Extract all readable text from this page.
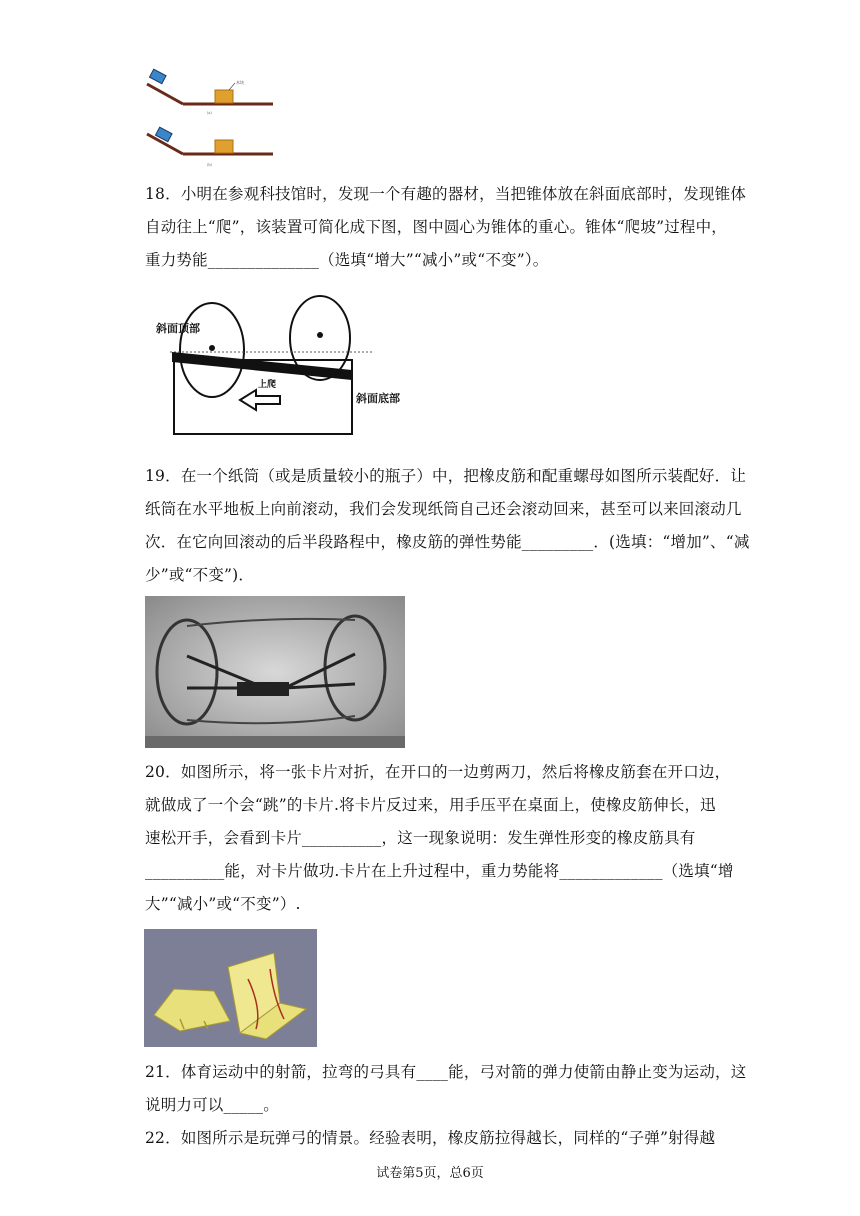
木块
(a)
(b)

18．小明在参观科技馆时，发现一个有趣的器材，当把锥体放在斜面底部时，发现锥体

自动往上“爬”，该装置可简化成下图，图中圆心为锥体的重心。锥体“爬坡”过程中，

重力势能______________（选填“增大”“减小”或“不变”）。

上爬
斜面顶部
斜面底部

19．在一个纸筒（或是质量较小的瓶子）中，把橡皮筋和配重螺母如图所示装配好．让

纸筒在水平地板上向前滚动，我们会发现纸筒自己还会滚动回来，甚至可以来回滚动几

次．在它向回滚动的后半段路程中，橡皮筋的弹性势能_________．(选填：“增加”、“减

少”或“不变”)．

20．如图所示，将一张卡片对折，在开口的一边剪两刀，然后将橡皮筋套在开口边，

就做成了一个会“跳”的卡片.将卡片反过来，用手压平在桌面上，使橡皮筋伸长，迅

速松开手，会看到卡片__________，这一现象说明：发生弹性形变的橡皮筋具有

__________能，对卡片做功.卡片在上升过程中，重力势能将_____________（选填“增

大”“减小”或“不变”）.

21．体育运动中的射箭，拉弯的弓具有____能，弓对箭的弹力使箭由静止变为运动，这

说明力可以_____。

22．如图所示是玩弹弓的情景。经验表明，橡皮筋拉得越长，同样的“子弹”射得越

试卷第5页，总6页
